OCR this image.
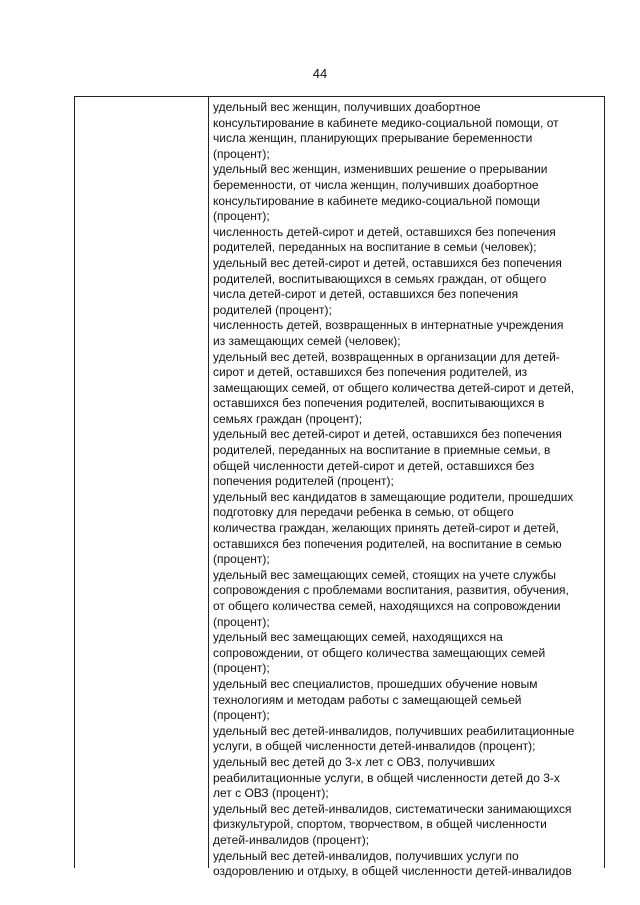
44
удельный вес женщин, получивших доабортное
консультирование в кабинете медико-социальной помощи, от
числа женщин, планирующих прерывание беременности
(процент);
удельный вес женщин, изменивших решение о прерывании
беременности, от числа женщин, получивших доабортное
консультирование в кабинете медико-социальной помощи
(процент);
численность детей-сирот и детей, оставшихся без попечения
родителей, переданных на воспитание в семьи (человек);
удельный вес детей-сирот и детей, оставшихся без попечения
родителей, воспитывающихся в семьях граждан, от общего
числа детей-сирот и детей, оставшихся без попечения
родителей (процент);
численность детей, возвращенных в интернатные учреждения
из замещающих семей (человек);
удельный вес детей, возвращенных в организации для детей-
сирот и детей, оставшихся без попечения родителей, из
замещающих семей, от общего количества детей-сирот и детей,
оставшихся без попечения родителей, воспитывающихся в
семьях граждан (процент);
удельный вес детей-сирот и детей, оставшихся без попечения
родителей, переданных на воспитание в приемные семьи, в
общей численности детей-сирот и детей, оставшихся без
попечения родителей (процент);
удельный вес кандидатов в замещающие родители, прошедших
подготовку для передачи ребенка в семью, от общего
количества граждан, желающих принять детей-сирот и детей,
оставшихся без попечения родителей, на воспитание в семью
(процент);
удельный вес замещающих семей, стоящих на учете службы
сопровождения с проблемами воспитания, развития, обучения,
от общего количества семей, находящихся на сопровождении
(процент);
удельный вес замещающих семей, находящихся на
сопровождении, от общего количества замещающих семей
(процент);
удельный вес специалистов, прошедших обучение новым
технологиям и методам работы с замещающей семьей
(процент);
удельный вес детей-инвалидов, получивших реабилитационные
услуги, в общей численности детей-инвалидов (процент);
удельный вес детей до 3-х лет с ОВЗ, получивших
реабилитационные услуги, в общей численности детей до 3-х
лет с ОВЗ (процент);
удельный вес детей-инвалидов, систематически занимающихся
физкультурой, спортом, творчеством, в общей численности
детей-инвалидов (процент);
удельный вес детей-инвалидов, получивших услуги по
оздоровлению и отдыху, в общей численности детей-инвалидов
